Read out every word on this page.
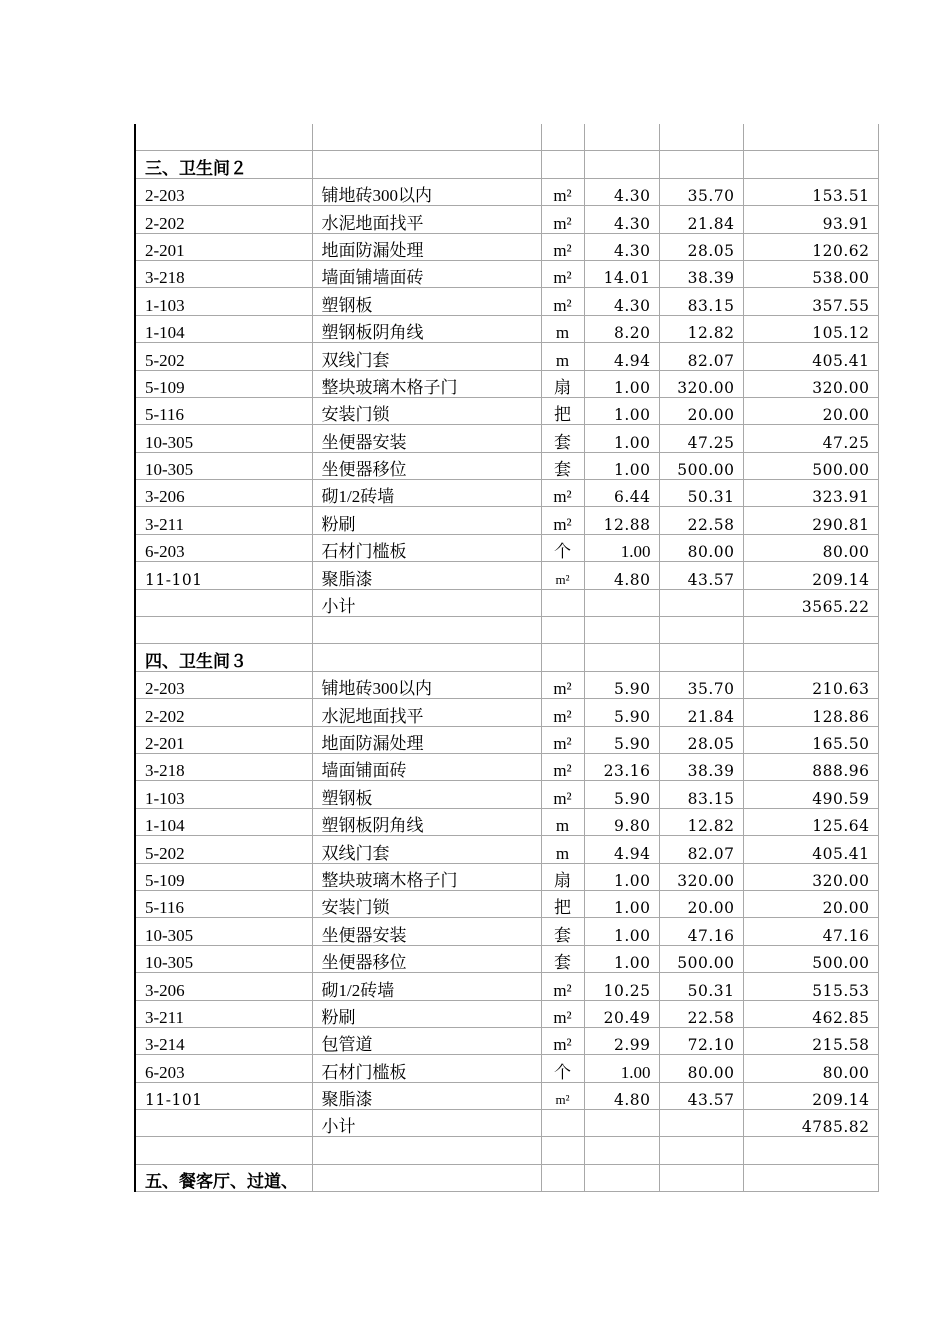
三、卫生间２					
2-203	铺地砖300以内	m²	4.30	35.70	153.51
2-202	水泥地面找平	m²	4.30	21.84	93.91
2-201	地面防漏处理	m²	4.30	28.05	120.62
3-218	墙面铺墙面砖	m²	14.01	38.39	538.00
1-103	塑钢板	m²	4.30	83.15	357.55
1-104	塑钢板阴角线	m	8.20	12.82	105.12
5-202	双线门套	m	4.94	82.07	405.41
5-109	整块玻璃木格子门	扇	1.00	320.00	320.00
5-116	安装门锁	把	1.00	20.00	20.00
10-305	坐便器安装	套	1.00	47.25	47.25
10-305	坐便器移位	套	1.00	500.00	500.00
3-206	砌1/2砖墙	m²	6.44	50.31	323.91
3-211	粉刷	m²	12.88	22.58	290.81
6-203	石材门槛板	个	1.00	80.00	80.00
11-101	聚脂漆	m²	4.80	43.57	209.14
	小计				3565.22

四、卫生间３					
2-203	铺地砖300以内	m²	5.90	35.70	210.63
2-202	水泥地面找平	m²	5.90	21.84	128.86
2-201	地面防漏处理	m²	5.90	28.05	165.50
3-218	墙面铺面砖	m²	23.16	38.39	888.96
1-103	塑钢板	m²	5.90	83.15	490.59
1-104	塑钢板阴角线	m	9.80	12.82	125.64
5-202	双线门套	m	4.94	82.07	405.41
5-109	整块玻璃木格子门	扇	1.00	320.00	320.00
5-116	安装门锁	把	1.00	20.00	20.00
10-305	坐便器安装	套	1.00	47.16	47.16
10-305	坐便器移位	套	1.00	500.00	500.00
3-206	砌1/2砖墙	m²	10.25	50.31	515.53
3-211	粉刷	m²	20.49	22.58	462.85
3-214	包管道	m²	2.99	72.10	215.58
6-203	石材门槛板	个	1.00	80.00	80.00
11-101	聚脂漆	m²	4.80	43.57	209.14
	小计				4785.82

五、餐客厅、过道、					
